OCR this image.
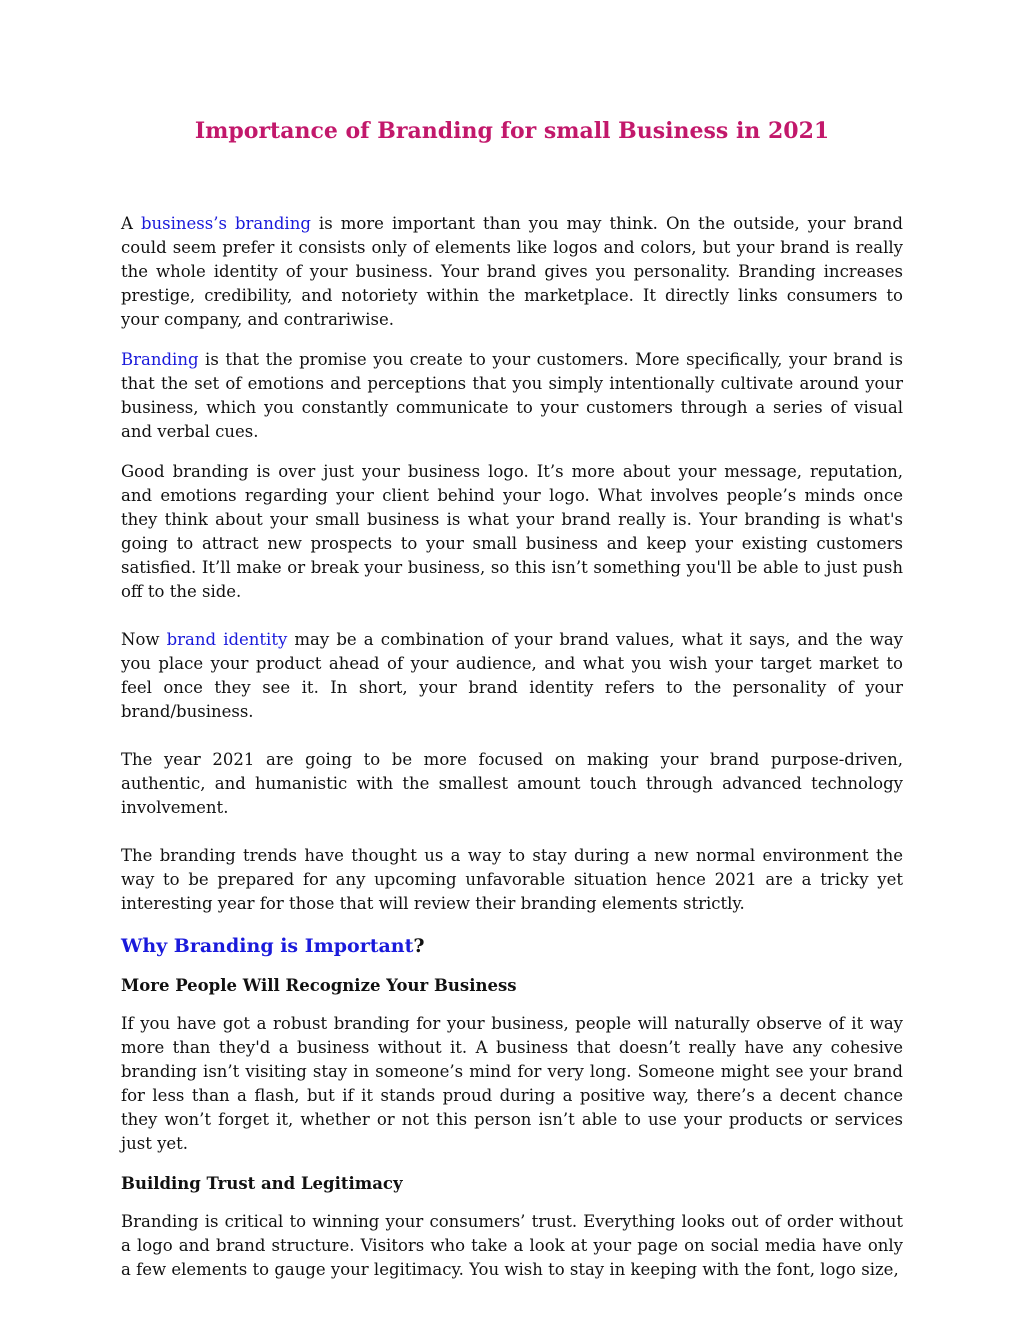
Importance of Branding for small Business in 2021

A business’s branding is more important than you may think. On the outside, your brand could seem prefer it consists only of elements like logos and colors, but your brand is really the whole identity of your business. Your brand gives you personality. Branding increases prestige, credibility, and notoriety within the marketplace. It directly links consumers to your company, and contrariwise.

Branding is that the promise you create to your customers. More specifically, your brand is that the set of emotions and perceptions that you simply intentionally cultivate around your business, which you constantly communicate to your customers through a series of visual and verbal cues.

Good branding is over just your business logo. It’s more about your message, reputation, and emotions regarding your client behind your logo. What involves people’s minds once they think about your small business is what your brand really is. Your branding is what's going to attract new prospects to your small business and keep your existing customers satisfied. It’ll make or break your business, so this isn’t something you'll be able to just push off to the side.

Now brand identity may be a combination of your brand values, what it says, and the way you place your product ahead of your audience, and what you wish your target market to feel once they see it. In short, your brand identity refers to the personality of your brand/business.

The year 2021 are going to be more focused on making your brand purpose-driven, authentic, and humanistic with the smallest amount touch through advanced technology involvement.

The branding trends have thought us a way to stay during a new normal environment the way to be prepared for any upcoming unfavorable situation hence 2021 are a tricky yet interesting year for those that will review their branding elements strictly.

Why Branding is Important?
More People Will Recognize Your Business

If you have got a robust branding for your business, people will naturally observe of it way more than they'd a business without it. A business that doesn’t really have any cohesive branding isn’t visiting stay in someone’s mind for very long. Someone might see your brand for less than a flash, but if it stands proud during a positive way, there’s a decent chance they won’t forget it, whether or not this person isn’t able to use your products or services just yet.

Building Trust and Legitimacy

Branding is critical to winning your consumers’ trust. Everything looks out of order without a logo and brand structure. Visitors who take a look at your page on social media have only a few elements to gauge your legitimacy. You wish to stay in keeping with the font, logo size,
